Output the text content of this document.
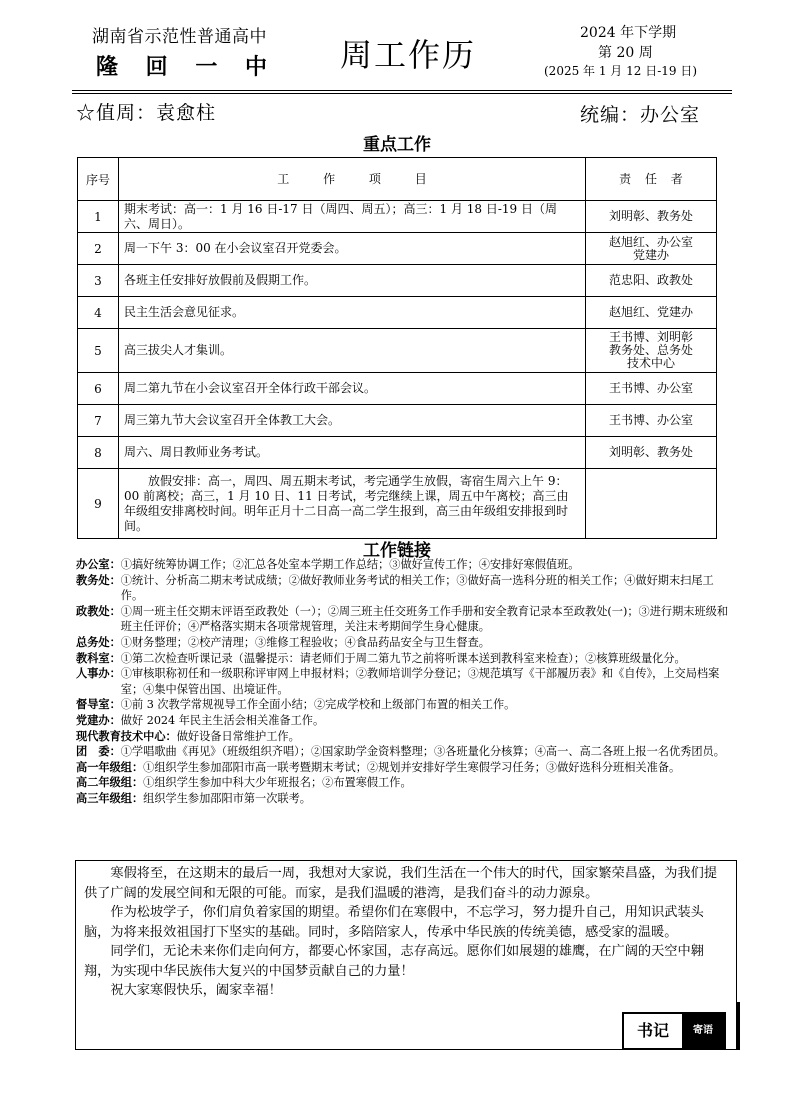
湖南省示范性普通高中
隆 回 一 中 周工作历
2024 年下学期
第 20 周
(2025 年 1 月 12 日-19 日)
☆值周：袁愈柱	统编：办公室
重点工作
序号	工 作 项 目	责 任 者
1	期末考试：高一：1 月 16 日-17 日（周四、周五）；高三：1 月 18 日-19 日（周六、周日）。	刘明彰、教务处
2	周一下午 3：00 在小会议室召开党委会。	赵旭红、办公室
党建办
3	各班主任安排好放假前及假期工作。	范忠阳、政教处
4	民主生活会意见征求。	赵旭红、党建办
5	高三拔尖人才集训。	王书博、刘明彰
教务处、总务处
技术中心
6	周二第九节在小会议室召开全体行政干部会议。	王书博、办公室
7	周三第九节大会议室召开全体教工大会。	王书博、办公室
8	周六、周日教师业务考试。	刘明彰、教务处
9	放假安排：高一，周四、周五期末考试，考完通学生放假，寄宿生周六上午 9：00 前离校；高三，1 月 10 日、11 日考试，考完继续上课，周五中午离校；高三由年级组安排离校时间。明年正月十二日高一高二学生报到，高三由年级组安排报到时间。	

工作链接
办公室： ①搞好统筹协调工作；②汇总各处室本学期工作总结；③做好宣传工作；④安排好寒假值班。
教务处： ①统计、分析高二期末考试成绩；②做好教师业务考试的相关工作；③做好高一选科分班的相关工作；④做好期末扫尾工作。
政教处： ①周一班主任交期末评语至政教处（一）；②周三班主任交班务工作手册和安全教育记录本至政教处(一)；③进行期末班级和班主任评价；④严格落实期末各项常规管理，关注末考期间学生身心健康。
总务处： ①财务整理；②校产清理；③维修工程验收；④食品药品安全与卫生督查。
教科室： ①第二次检查听课记录（温馨提示：请老师们于周二第九节之前将听课本送到教科室来检查）；②核算班级量化分。
人事办： ①审核职称初任和一级职称评审网上申报材料；②教师培训学分登记；③规范填写《干部履历表》和《自传》，上交局档案室；④集中保管出国、出境证件。
督导室： ①前 3 次教学常规视导工作全面小结；②完成学校和上级部门布置的相关工作。
党建办： 做好 2024 年民主生活会相关准备工作。
现代教育技术中心： 做好设备日常维护工作。
团　委： ①学唱歌曲《再见》（班级组织齐唱）；②国家助学金资料整理；③各班量化分核算；④高一、高二各班上报一名优秀团员。
高一年级组： ①组织学生参加邵阳市高一联考暨期末考试；②规划并安排好学生寒假学习任务；③做好选科分班相关准备。
高二年级组： ①组织学生参加中科大少年班报名；②布置寒假工作。
高三年级组： 组织学生参加邵阳市第一次联考。

寒假将至，在这期末的最后一周，我想对大家说，我们生活在一个伟大的时代，国家繁荣昌盛，为我们提供了广阔的发展空间和无限的可能。而家，是我们温暖的港湾，是我们奋斗的动力源泉。

作为松坡学子，你们肩负着家国的期望。希望你们在寒假中，不忘学习，努力提升自己，用知识武装头脑，为将来报效祖国打下坚实的基础。同时，多陪陪家人，传承中华民族的传统美德，感受家的温暖。

同学们，无论未来你们走向何方，都要心怀家国，志存高远。愿你们如展翅的雄鹰，在广阔的天空中翱翔，为实现中华民族伟大复兴的中国梦贡献自己的力量！

祝大家寒假快乐，阖家幸福！

书记	寄语
